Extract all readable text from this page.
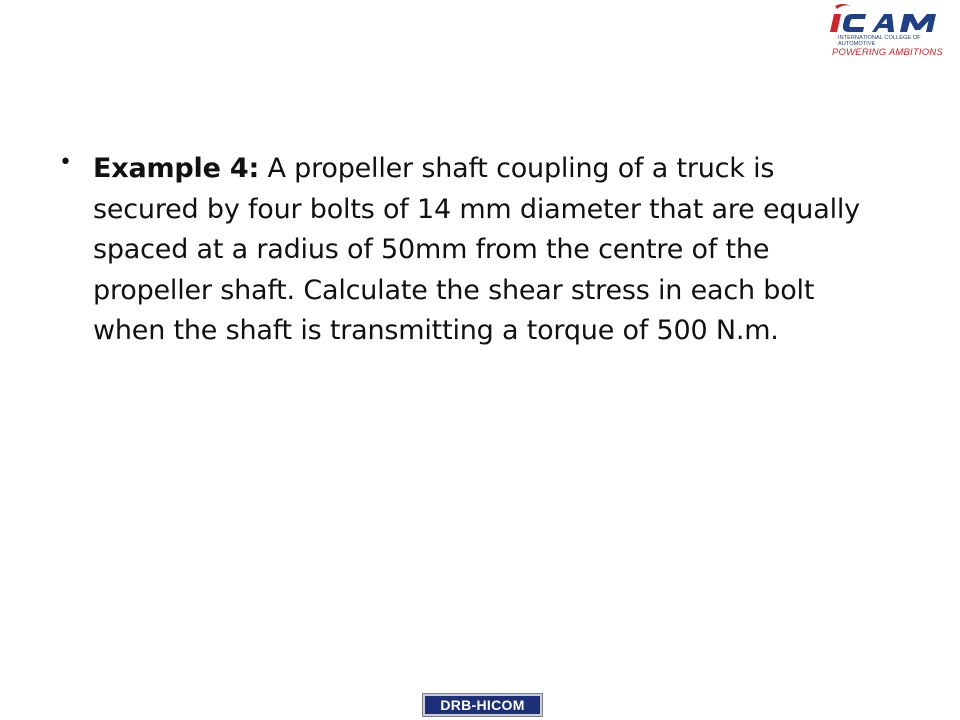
INTERNATIONAL COLLEGE OF
AUTOMOTIVE
POWERING AMBITIONS
• Example 4: A propeller shaft coupling of a truck is secured by four bolts of 14 mm diameter that are equally spaced at a radius of 50mm from the centre of the propeller shaft. Calculate the shear stress in each bolt when the shaft is transmitting a torque of 500 N.m.
DRB-HICOM
